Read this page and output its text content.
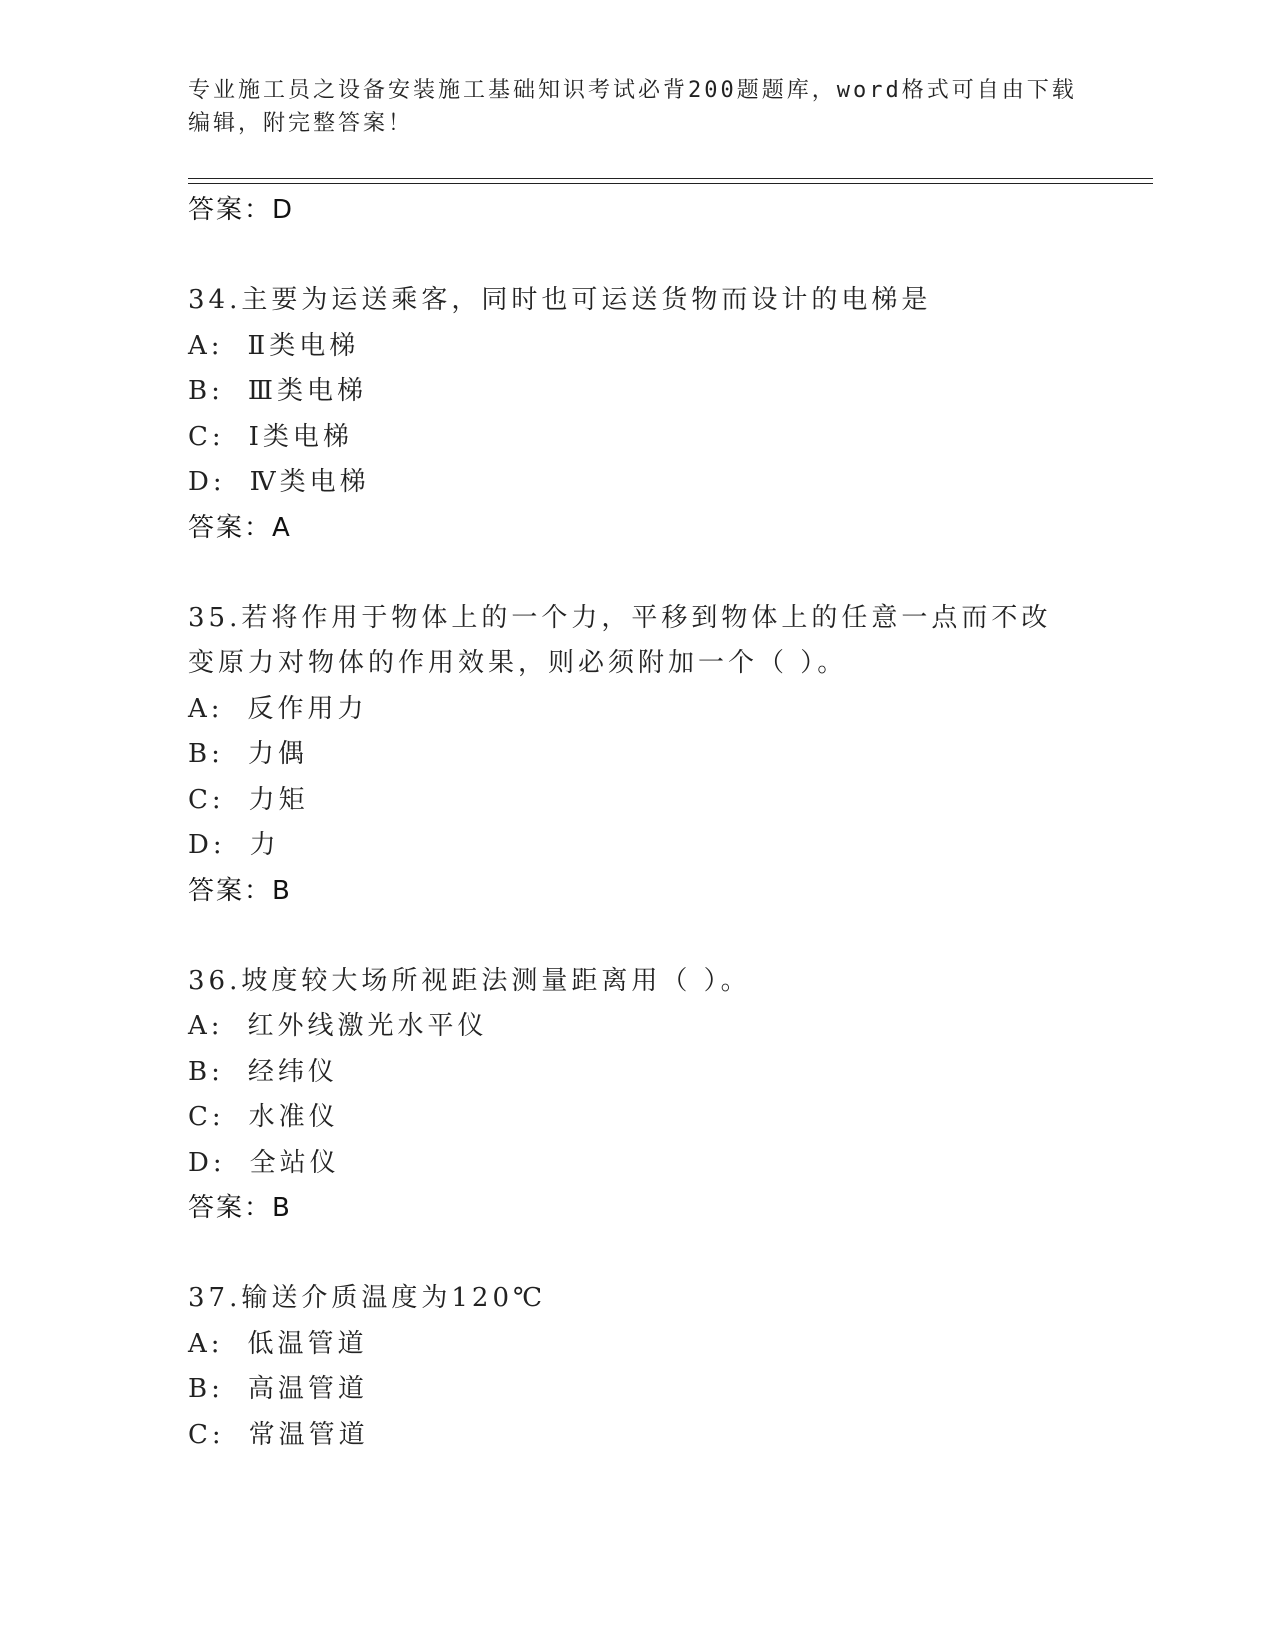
专业施工员之设备安装施工基础知识考试必背200题题库，word格式可自由下载编辑，附完整答案！
答案：D
34.主要为运送乘客，同时也可运送货物而设计的电梯是
A: Ⅱ类电梯
B: Ⅲ类电梯
C: Ⅰ类电梯
D: Ⅳ类电梯
答案：A
35.若将作用于物体上的一个力，平移到物体上的任意一点而不改变原力对物体的作用效果，则必须附加一个（ ）。
A: 反作用力
B: 力偶
C: 力矩
D: 力
答案：B
36.坡度较大场所视距法测量距离用（ ）。
A: 红外线激光水平仪
B: 经纬仪
C: 水准仪
D: 全站仪
答案：B
37.输送介质温度为120℃
A: 低温管道
B: 高温管道
C: 常温管道
